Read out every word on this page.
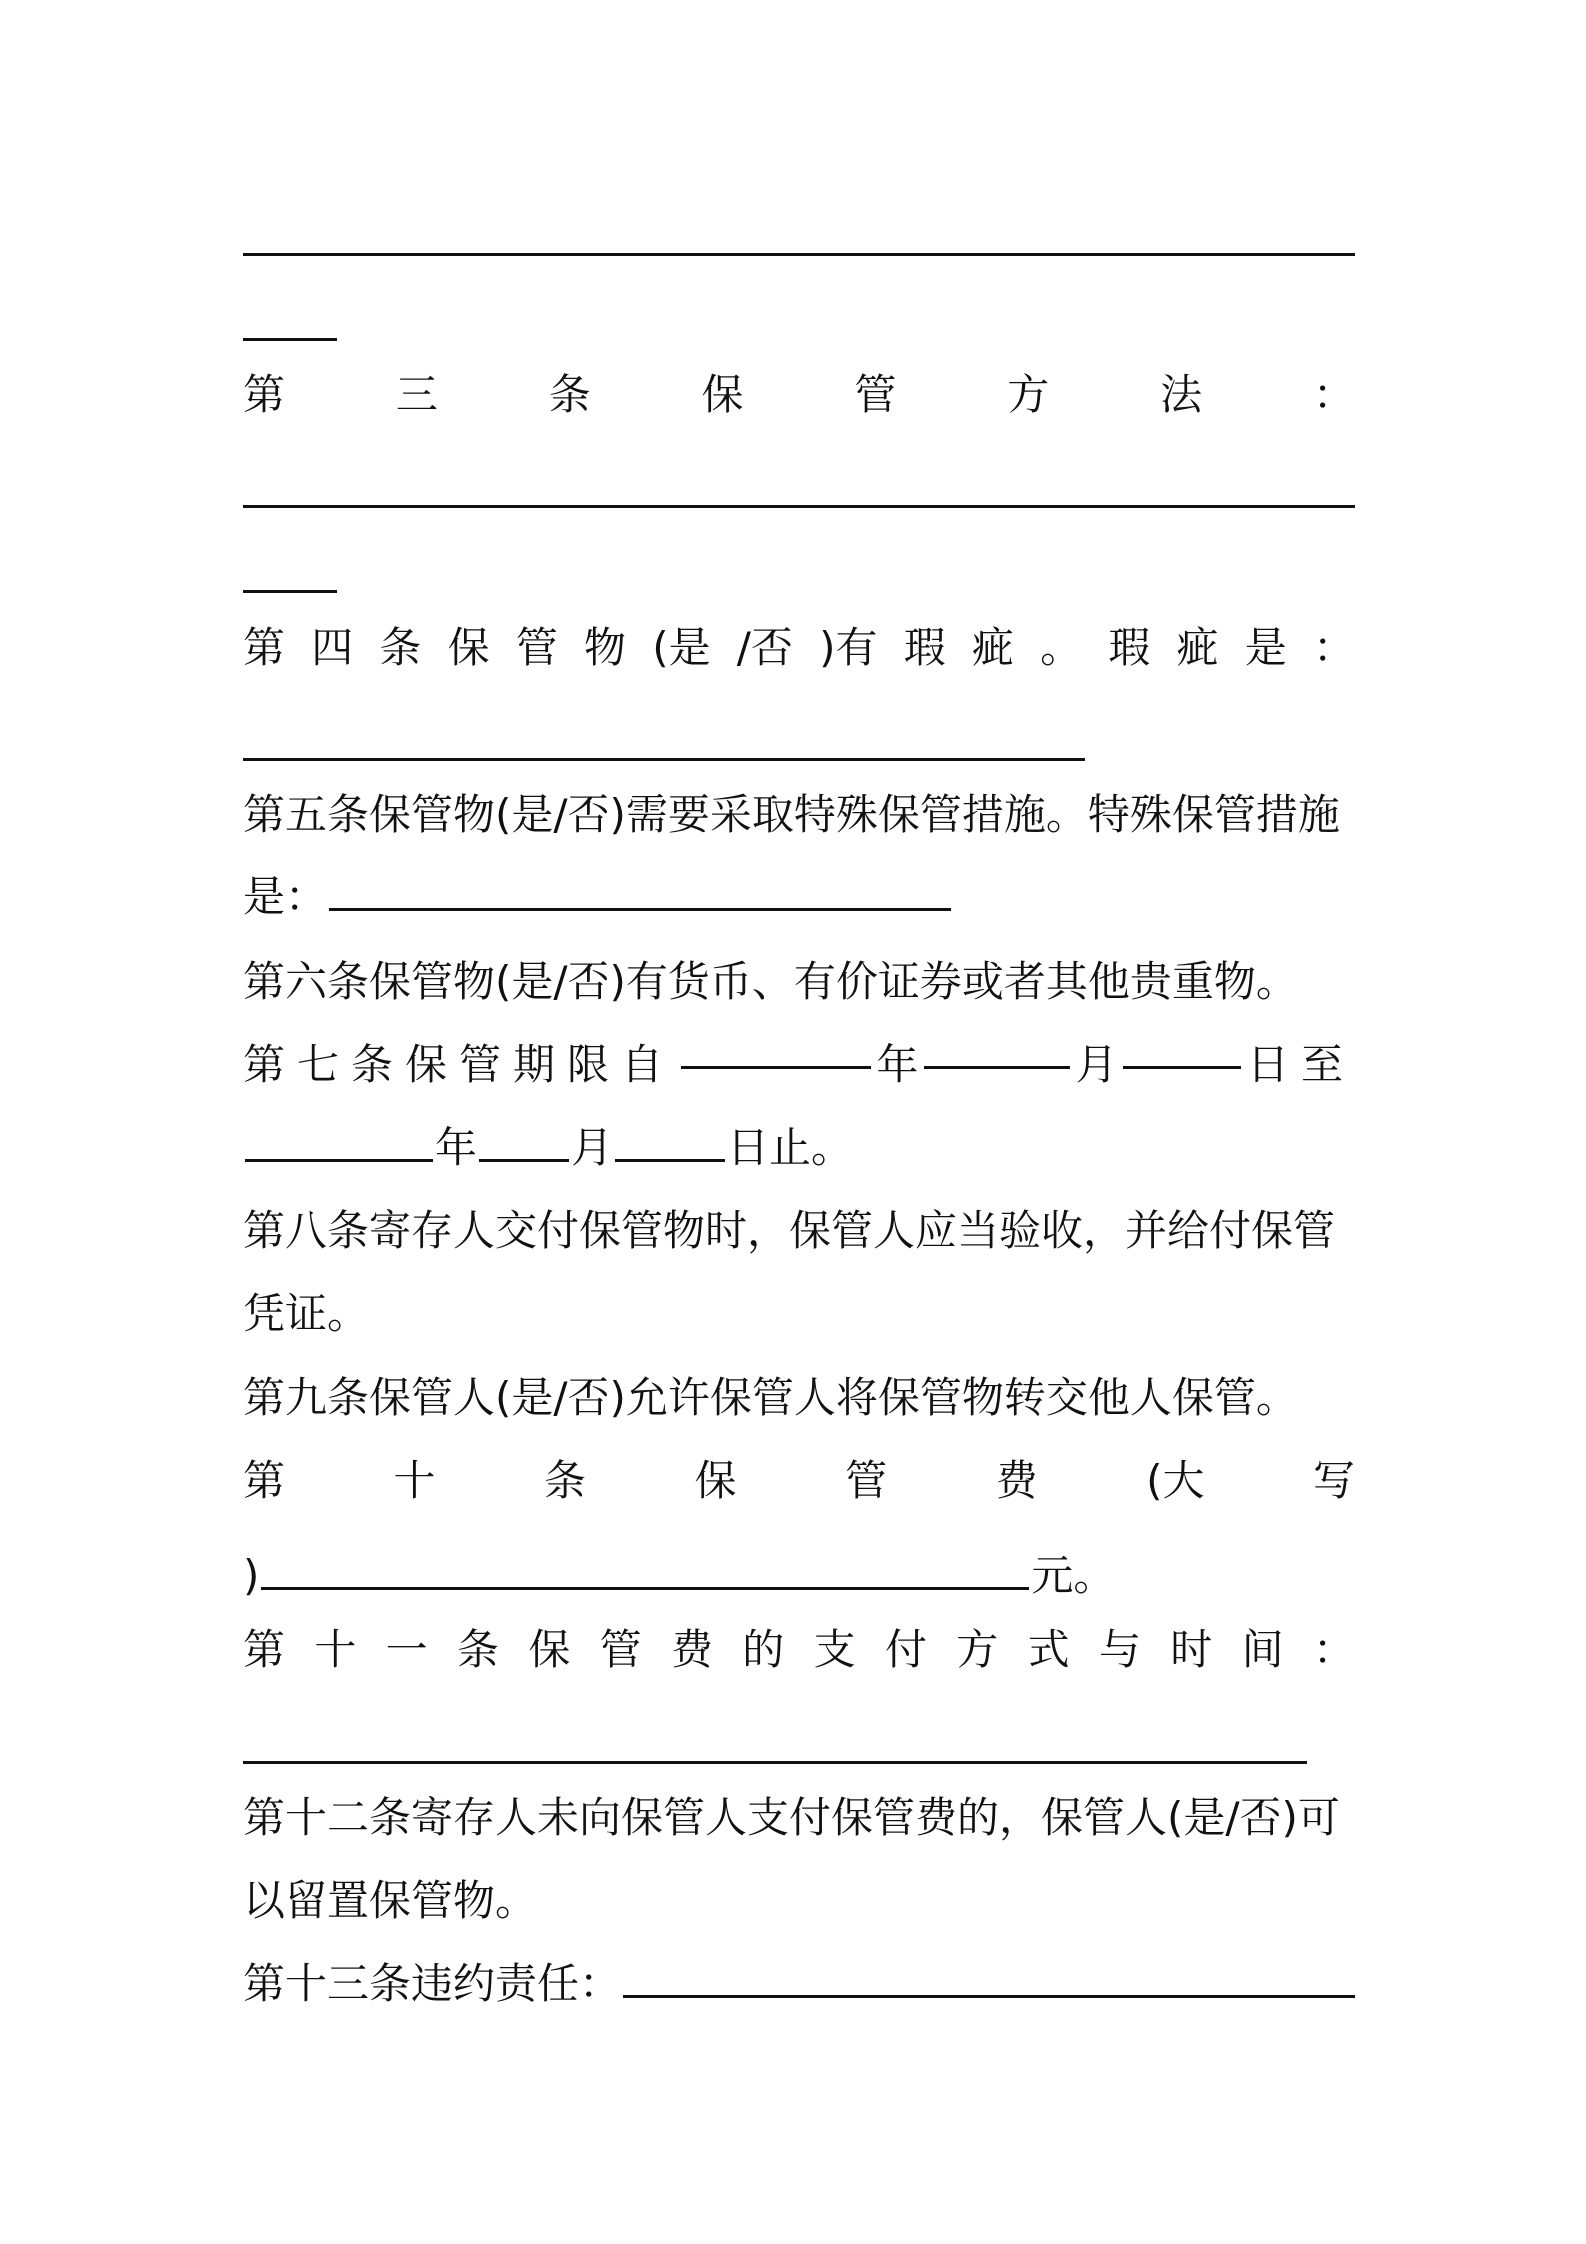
第	三	条	保	管	方	法	：
第 四 条 保 管 物 (是 /否 )有 瑕 疵 。 瑕 疵 是 ：
第五条保管物(是/否)需要采取特殊保管措施。特殊保管措施
是：
第六条保管物(是/否)有货币、有价证券或者其他贵重物。
第七条保管期限自	年	月	日至
年 月	日止。
第八条寄存人交付保管物时，保管人应当验收，并给付保管
凭证。
第九条保管人(是/否)允许保管人将保管物转交他人保管。
第	十	条	保	管	费	(大	写
)	元。
第 十 一 条 保 管 费 的 支 付 方 式 与 时 间 ：
第十二条寄存人未向保管人支付保管费的，保管人(是/否)可
以留置保管物。
第十三条违约责任：
